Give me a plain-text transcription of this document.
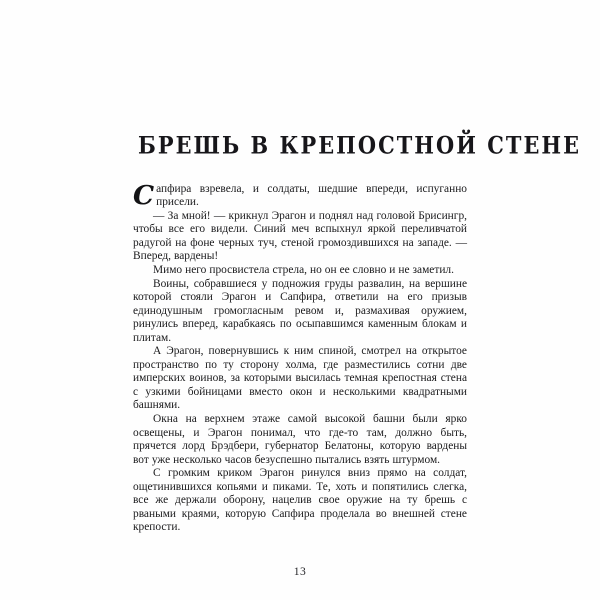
БРЕШЬ В КРЕПОСТНОЙ СТЕНЕ

Сапфира взревела, и солдаты, шедшие впереди, испуганно присели.

— За мной! — крикнул Эрагон и поднял над головой Брисингр, чтобы все его видели. Синий меч вспыхнул яркой переливчатой радугой на фоне черных туч, стеной громоздившихся на западе. — Вперед, вардены!

Мимо него просвистела стрела, но он ее словно и не заметил.

Воины, собравшиеся у подножия груды развалин, на вершине которой стояли Эрагон и Сапфира, ответили на его призыв единодушным громогласным ревом и, размахивая оружием, ринулись вперед, карабкаясь по осыпавшимся каменным блокам и плитам.

А Эрагон, повернувшись к ним спиной, смотрел на открытое пространство по ту сторону холма, где разместились сотни две имперских воинов, за которыми высилась темная крепостная стена с узкими бойницами вместо окон и несколькими квадратными башнями.

Окна на верхнем этаже самой высокой башни были ярко освещены, и Эрагон понимал, что где-то там, должно быть, прячется лорд Брэдбери, губернатор Белатоны, которую вардены вот уже несколько часов безуспешно пытались взять штурмом.

С громким криком Эрагон ринулся вниз прямо на солдат, ощетинившихся копьями и пиками. Те, хоть и попятились слегка, все же держали оборону, нацелив свое оружие на ту брешь с рваными краями, которую Сапфира проделала во внешней стене крепости.

13
